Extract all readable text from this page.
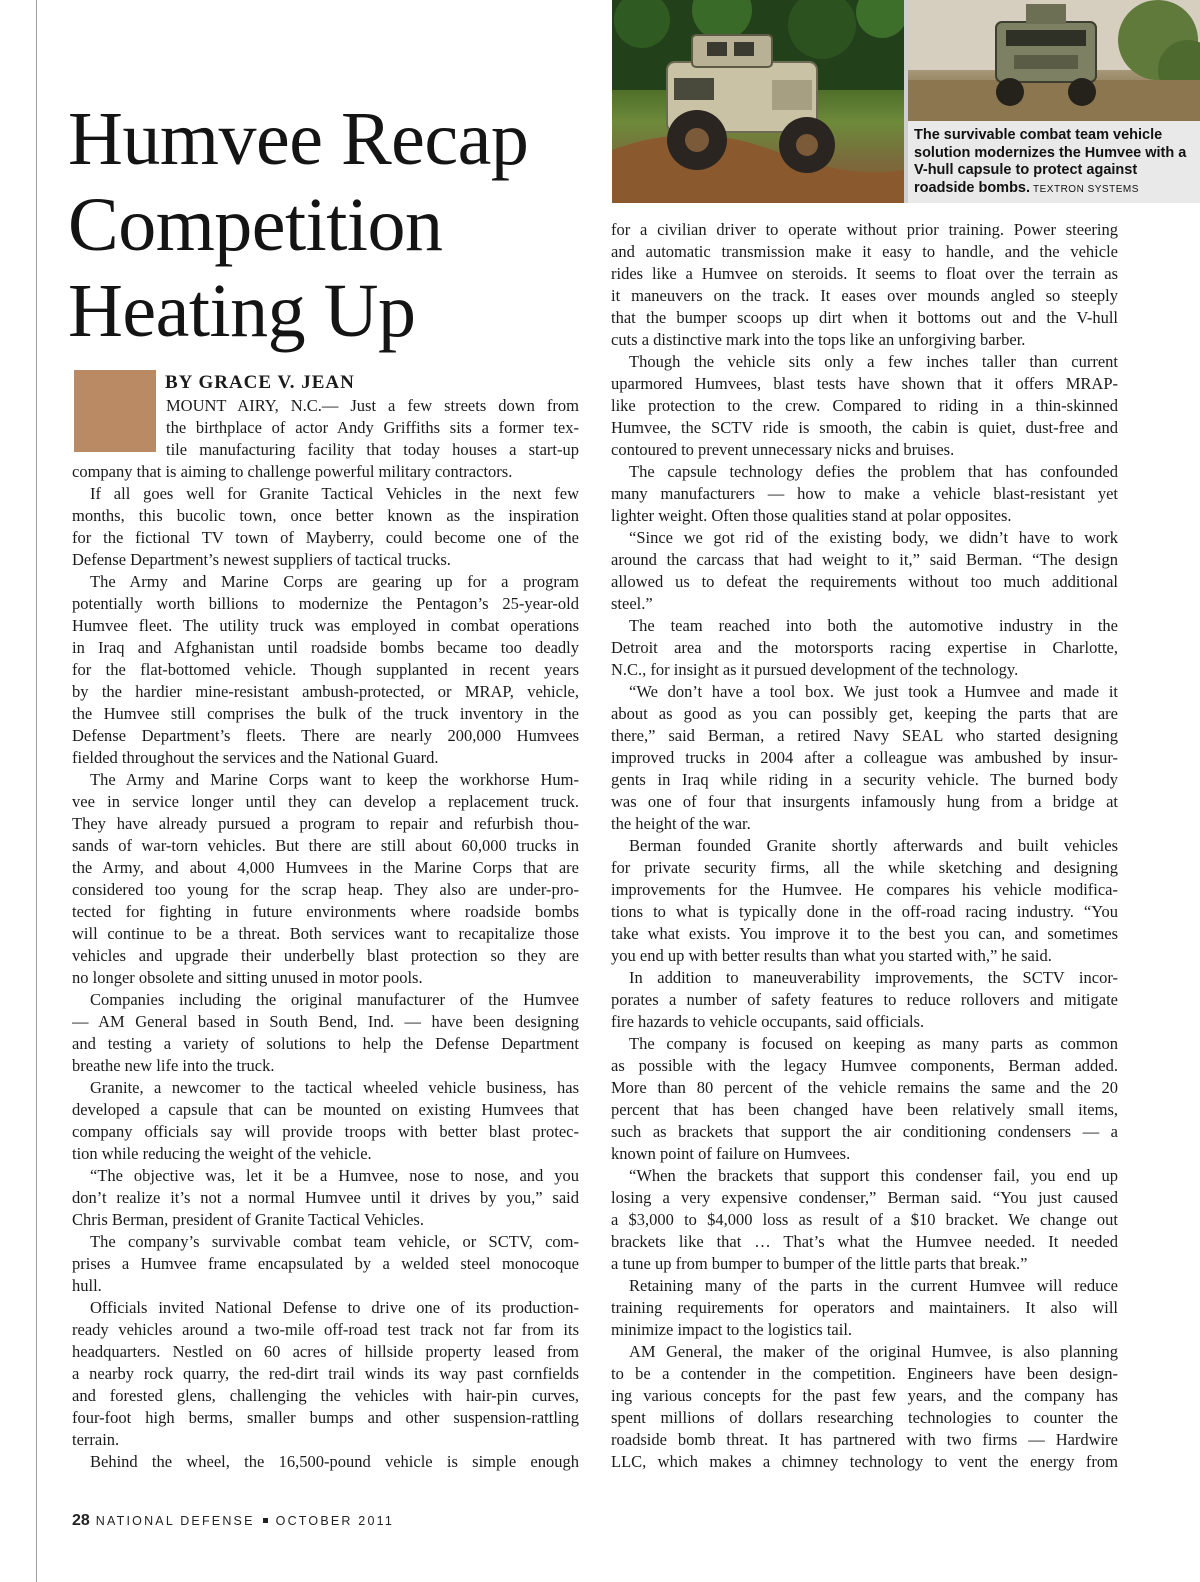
The survivable combat team vehicle solution modernizes the Humvee with a V-hull capsule to protect against roadside bombs. TEXTRON SYSTEMS
Humvee Recap
Competition
Heating Up
BY GRACE V. JEAN
MOUNT AIRY, N.C.— Just a few streets down from
the birthplace of actor Andy Griffiths sits a former tex-
tile manufacturing facility that today houses a start-up
company that is aiming to challenge powerful military contractors.
If all goes well for Granite Tactical Vehicles in the next few
months, this bucolic town, once better known as the inspiration
for the fictional TV town of Mayberry, could become one of the
Defense Department’s newest suppliers of tactical trucks.
The Army and Marine Corps are gearing up for a program
potentially worth billions to modernize the Pentagon’s 25-year-old
Humvee fleet. The utility truck was employed in combat operations
in Iraq and Afghanistan until roadside bombs became too deadly
for the flat-bottomed vehicle. Though supplanted in recent years
by the hardier mine-resistant ambush-protected, or MRAP, vehicle,
the Humvee still comprises the bulk of the truck inventory in the
Defense Department’s fleets. There are nearly 200,000 Humvees
fielded throughout the services and the National Guard.
The Army and Marine Corps want to keep the workhorse Hum-
vee in service longer until they can develop a replacement truck.
They have already pursued a program to repair and refurbish thou-
sands of war-torn vehicles. But there are still about 60,000 trucks in
the Army, and about 4,000 Humvees in the Marine Corps that are
considered too young for the scrap heap. They also are under-pro-
tected for fighting in future environments where roadside bombs
will continue to be a threat. Both services want to recapitalize those
vehicles and upgrade their underbelly blast protection so they are
no longer obsolete and sitting unused in motor pools.
Companies including the original manufacturer of the Humvee
— AM General based in South Bend, Ind. — have been designing
and testing a variety of solutions to help the Defense Department
breathe new life into the truck.
Granite, a newcomer to the tactical wheeled vehicle business, has
developed a capsule that can be mounted on existing Humvees that
company officials say will provide troops with better blast protec-
tion while reducing the weight of the vehicle.
“The objective was, let it be a Humvee, nose to nose, and you
don’t realize it’s not a normal Humvee until it drives by you,” said
Chris Berman, president of Granite Tactical Vehicles.
The company’s survivable combat team vehicle, or SCTV, com-
prises a Humvee frame encapsulated by a welded steel monocoque
hull.
Officials invited National Defense to drive one of its production-
ready vehicles around a two-mile off-road test track not far from its
headquarters. Nestled on 60 acres of hillside property leased from
a nearby rock quarry, the red-dirt trail winds its way past cornfields
and forested glens, challenging the vehicles with hair-pin curves,
four-foot high berms, smaller bumps and other suspension-rattling
terrain.
Behind the wheel, the 16,500-pound vehicle is simple enough
for a civilian driver to operate without prior training. Power steering
and automatic transmission make it easy to handle, and the vehicle
rides like a Humvee on steroids. It seems to float over the terrain as
it maneuvers on the track. It eases over mounds angled so steeply
that the bumper scoops up dirt when it bottoms out and the V-hull
cuts a distinctive mark into the tops like an unforgiving barber.
Though the vehicle sits only a few inches taller than current
uparmored Humvees, blast tests have shown that it offers MRAP-
like protection to the crew. Compared to riding in a thin-skinned
Humvee, the SCTV ride is smooth, the cabin is quiet, dust-free and
contoured to prevent unnecessary nicks and bruises.
The capsule technology defies the problem that has confounded
many manufacturers — how to make a vehicle blast-resistant yet
lighter weight. Often those qualities stand at polar opposites.
“Since we got rid of the existing body, we didn’t have to work
around the carcass that had weight to it,” said Berman. “The design
allowed us to defeat the requirements without too much additional
steel.”
The team reached into both the automotive industry in the
Detroit area and the motorsports racing expertise in Charlotte,
N.C., for insight as it pursued development of the technology.
“We don’t have a tool box. We just took a Humvee and made it
about as good as you can possibly get, keeping the parts that are
there,” said Berman, a retired Navy SEAL who started designing
improved trucks in 2004 after a colleague was ambushed by insur-
gents in Iraq while riding in a security vehicle. The burned body
was one of four that insurgents infamously hung from a bridge at
the height of the war.
Berman founded Granite shortly afterwards and built vehicles
for private security firms, all the while sketching and designing
improvements for the Humvee. He compares his vehicle modifica-
tions to what is typically done in the off-road racing industry. “You
take what exists. You improve it to the best you can, and sometimes
you end up with better results than what you started with,” he said.
In addition to maneuverability improvements, the SCTV incor-
porates a number of safety features to reduce rollovers and mitigate
fire hazards to vehicle occupants, said officials.
The company is focused on keeping as many parts as common
as possible with the legacy Humvee components, Berman added.
More than 80 percent of the vehicle remains the same and the 20
percent that has been changed have been relatively small items,
such as brackets that support the air conditioning condensers — a
known point of failure on Humvees.
“When the brackets that support this condenser fail, you end up
losing a very expensive condenser,” Berman said. “You just caused
a $3,000 to $4,000 loss as result of a $10 bracket. We change out
brackets like that … That’s what the Humvee needed. It needed
a tune up from bumper to bumper of the little parts that break.”
Retaining many of the parts in the current Humvee will reduce
training requirements for operators and maintainers. It also will
minimize impact to the logistics tail.
AM General, the maker of the original Humvee, is also planning
to be a contender in the competition. Engineers have been design-
ing various concepts for the past few years, and the company has
spent millions of dollars researching technologies to counter the
roadside bomb threat. It has partnered with two firms — Hardwire
LLC, which makes a chimney technology to vent the energy from
28 NATIONAL DEFENSE OCTOBER 2011
